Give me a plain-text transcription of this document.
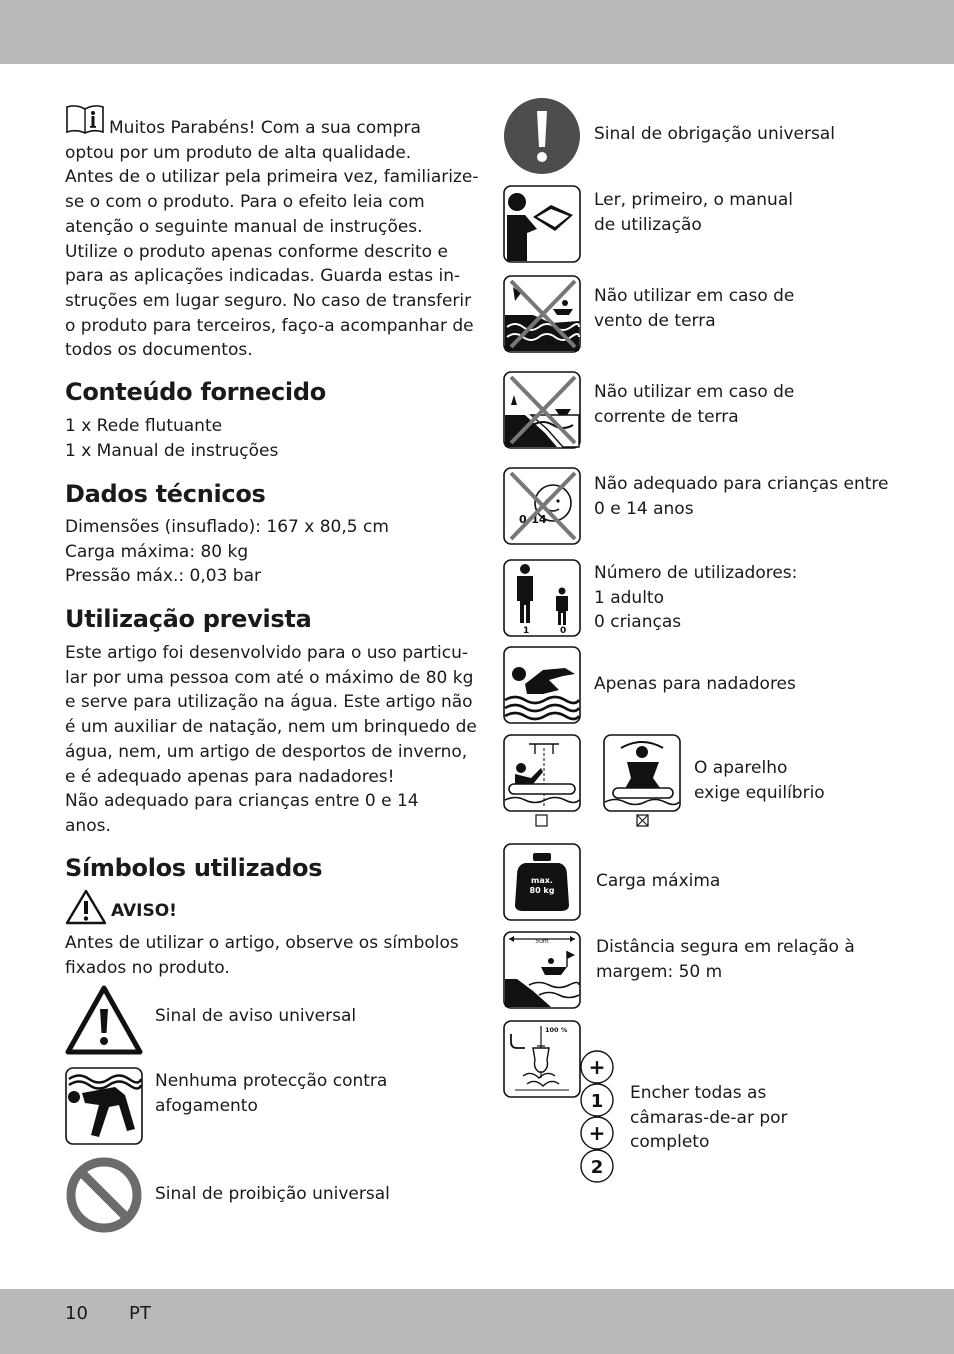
Muitos Parabéns! Com a sua compra
optou por um produto de alta qualidade.
Antes de o utilizar pela primeira vez, familiarize-
se o com o produto. Para o efeito leia com
atenção o seguinte manual de instruções.
Utilize o produto apenas conforme descrito e
para as aplicações indicadas. Guarda estas in-
struções em lugar seguro. No caso de transferir
o produto para terceiros, faço-a acompanhar de
todos os documentos.
Conteúdo fornecido
1 x Rede flutuante
1 x Manual de instruções
Dados técnicos
Dimensões (insuflado): 167 x 80,5 cm
Carga máxima: 80 kg
Pressão máx.: 0,03 bar
Utilização prevista
Este artigo foi desenvolvido para o uso particu-
lar por uma pessoa com até o máximo de 80 kg
e serve para utilização na água. Este artigo não
é um auxiliar de natação, nem um brinquedo de
água, nem, um artigo de desportos de inverno,
e é adequado apenas para nadadores!
Não adequado para crianças entre 0 e 14
anos.
Símbolos utilizados
AVISO!
Antes de utilizar o artigo, observe os símbolos
fixados no produto.
Sinal de aviso universal
Nenhuma protecção contra
afogamento
Sinal de proibição universal
Sinal de obrigação universal
Ler, primeiro, o manual
de utilização
Não utilizar em caso de
vento de terra
Não utilizar em caso de
corrente de terra
0-14
Não adequado para crianças entre
0 e 14 anos
1	0
Número de utilizadores:
1 adulto
0 crianças
Apenas para nadadores
O aparelho
exige equilíbrio
max.
80 kg Carga máxima
50m	Distância segura em relação à
margem: 50 m
100 %
+
1
+
2
Encher todas as
câmaras-de-ar por
completo
10 PT
